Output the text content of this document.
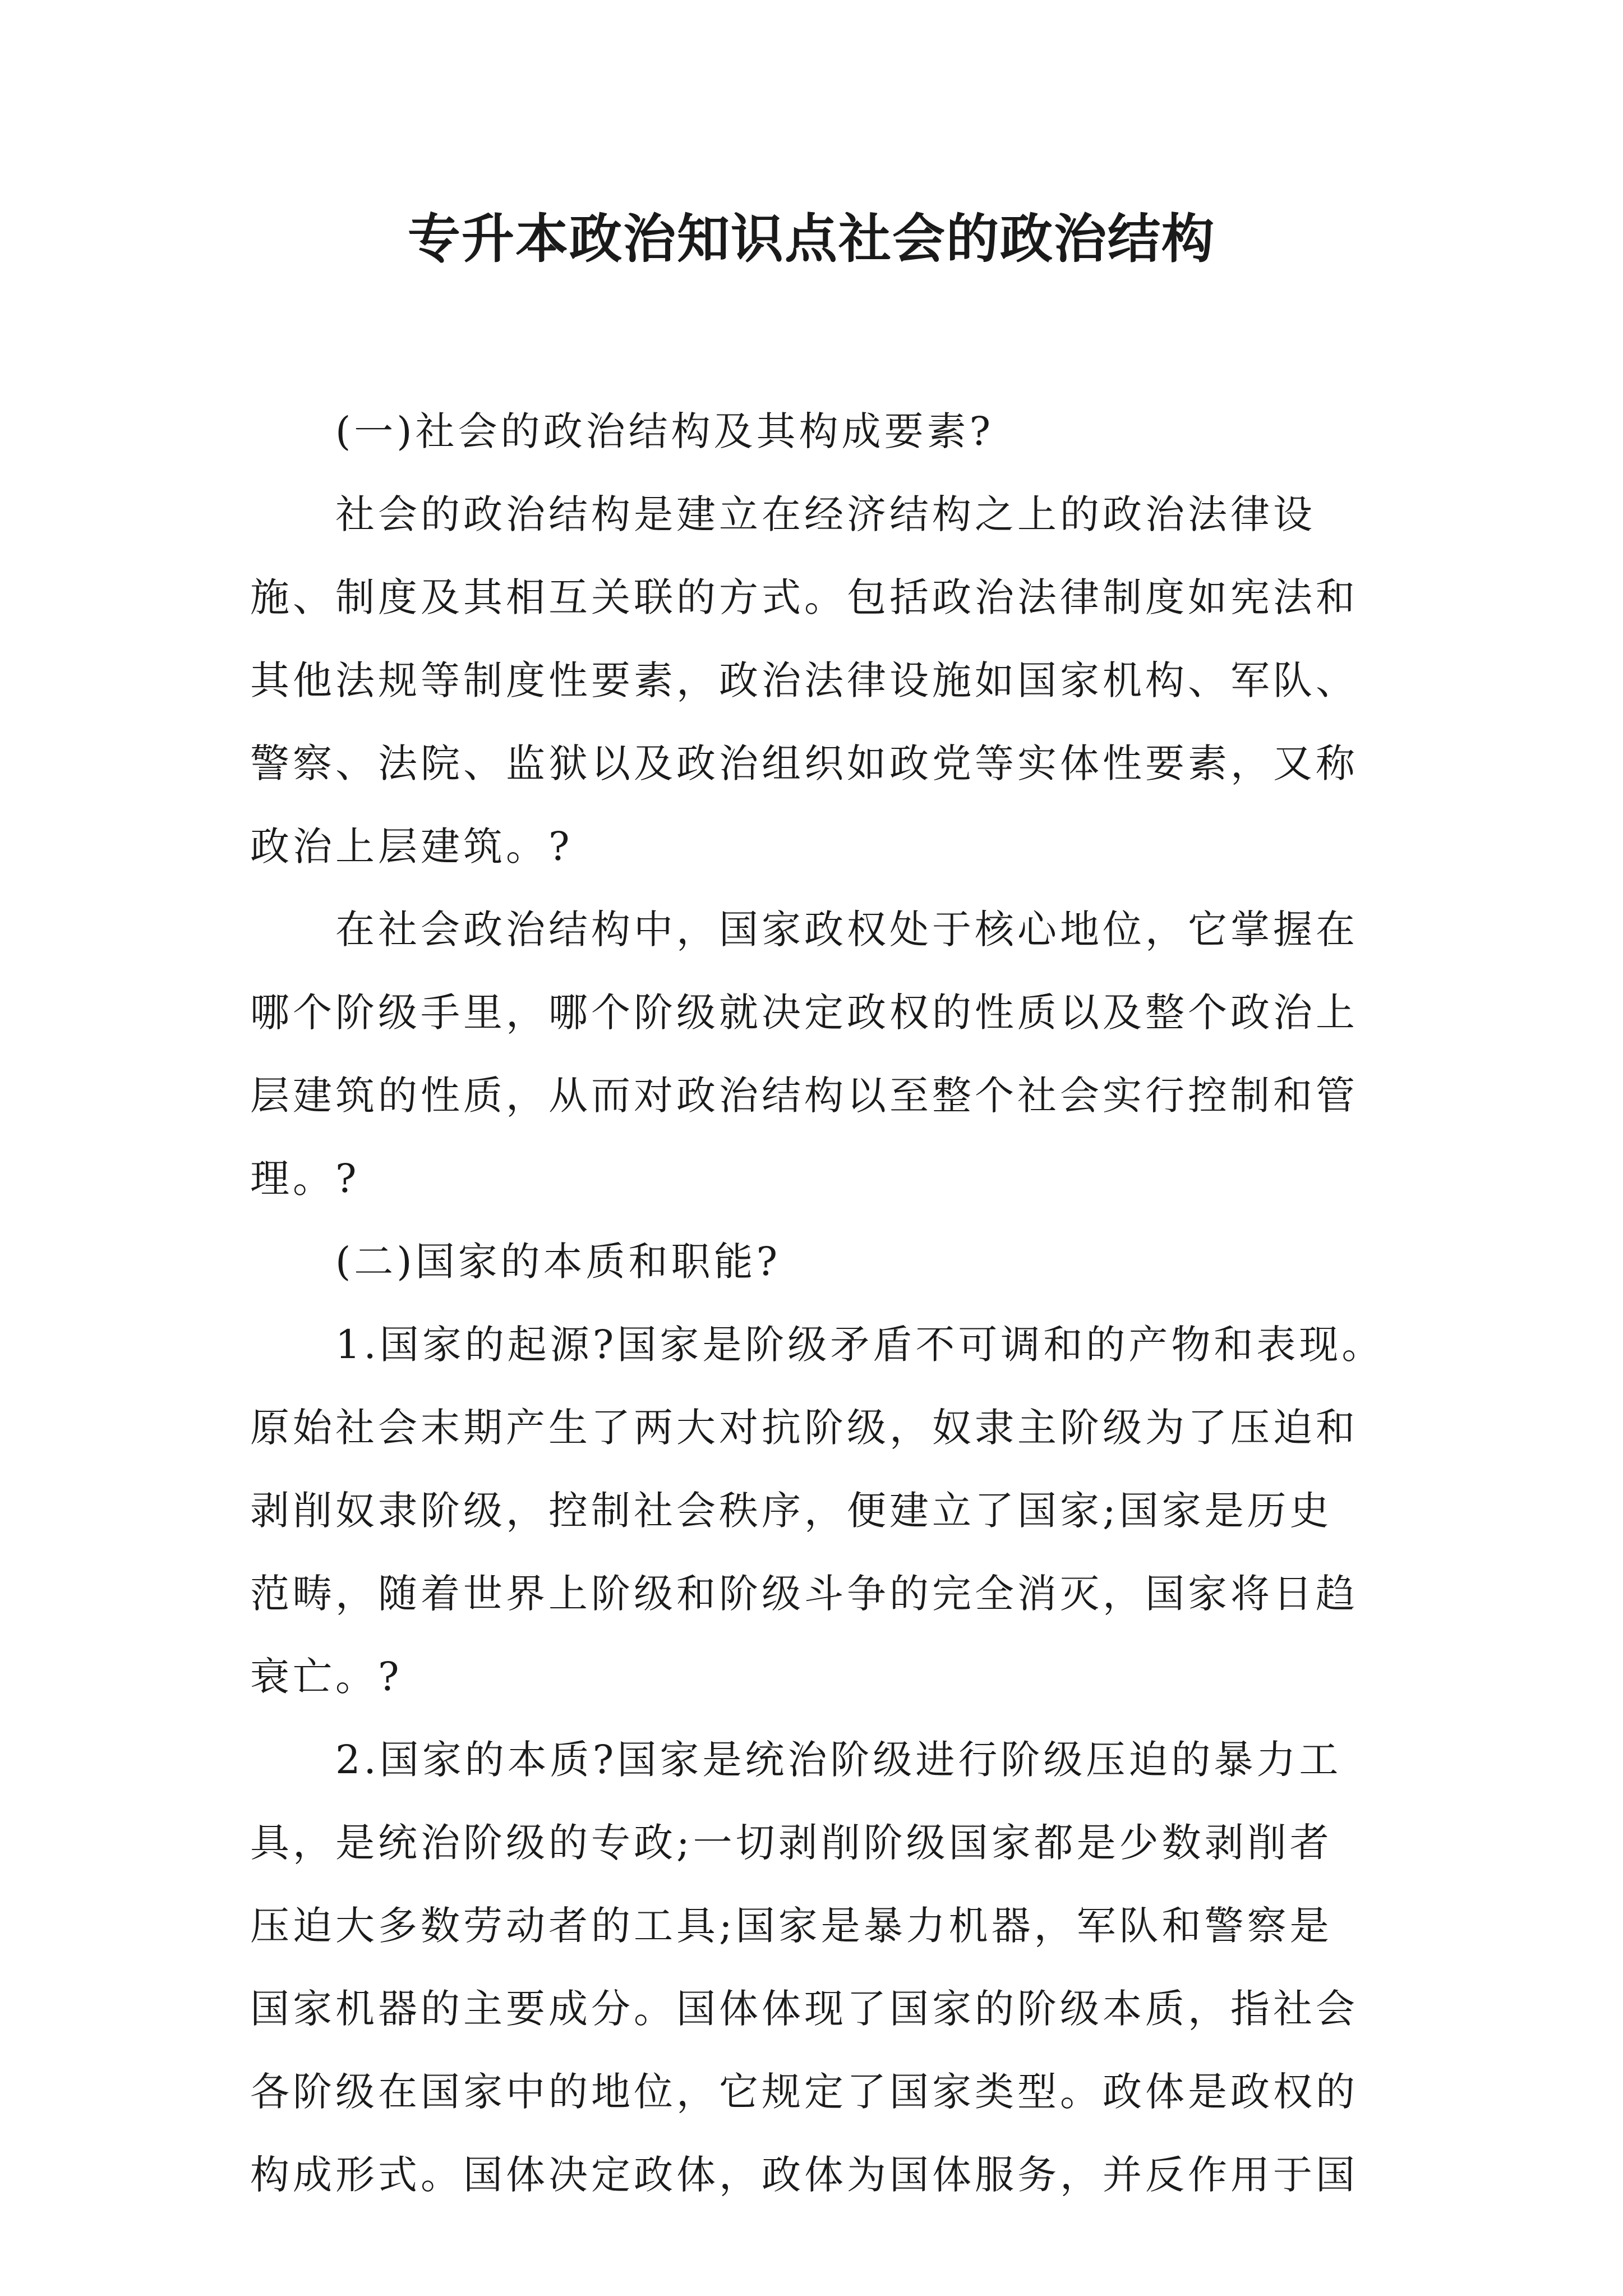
专升本政治知识点社会的政治结构
　　(一)社会的政治结构及其构成要素?
　　社会的政治结构是建立在经济结构之上的政治法律设
施、制度及其相互关联的方式。包括政治法律制度如宪法和
其他法规等制度性要素，政治法律设施如国家机构、军队、
警察、法院、监狱以及政治组织如政党等实体性要素，又称
政治上层建筑。?
　　在社会政治结构中，国家政权处于核心地位，它掌握在
哪个阶级手里，哪个阶级就决定政权的性质以及整个政治上
层建筑的性质，从而对政治结构以至整个社会实行控制和管
理。?
　　(二)国家的本质和职能?
　　1.国家的起源?国家是阶级矛盾不可调和的产物和表现。
原始社会末期产生了两大对抗阶级，奴隶主阶级为了压迫和
剥削奴隶阶级，控制社会秩序，便建立了国家;国家是历史
范畴，随着世界上阶级和阶级斗争的完全消灭，国家将日趋
衰亡。?
　　2.国家的本质?国家是统治阶级进行阶级压迫的暴力工
具，是统治阶级的专政;一切剥削阶级国家都是少数剥削者
压迫大多数劳动者的工具;国家是暴力机器，军队和警察是
国家机器的主要成分。国体体现了国家的阶级本质，指社会
各阶级在国家中的地位，它规定了国家类型。政体是政权的
构成形式。国体决定政体，政体为国体服务，并反作用于国
